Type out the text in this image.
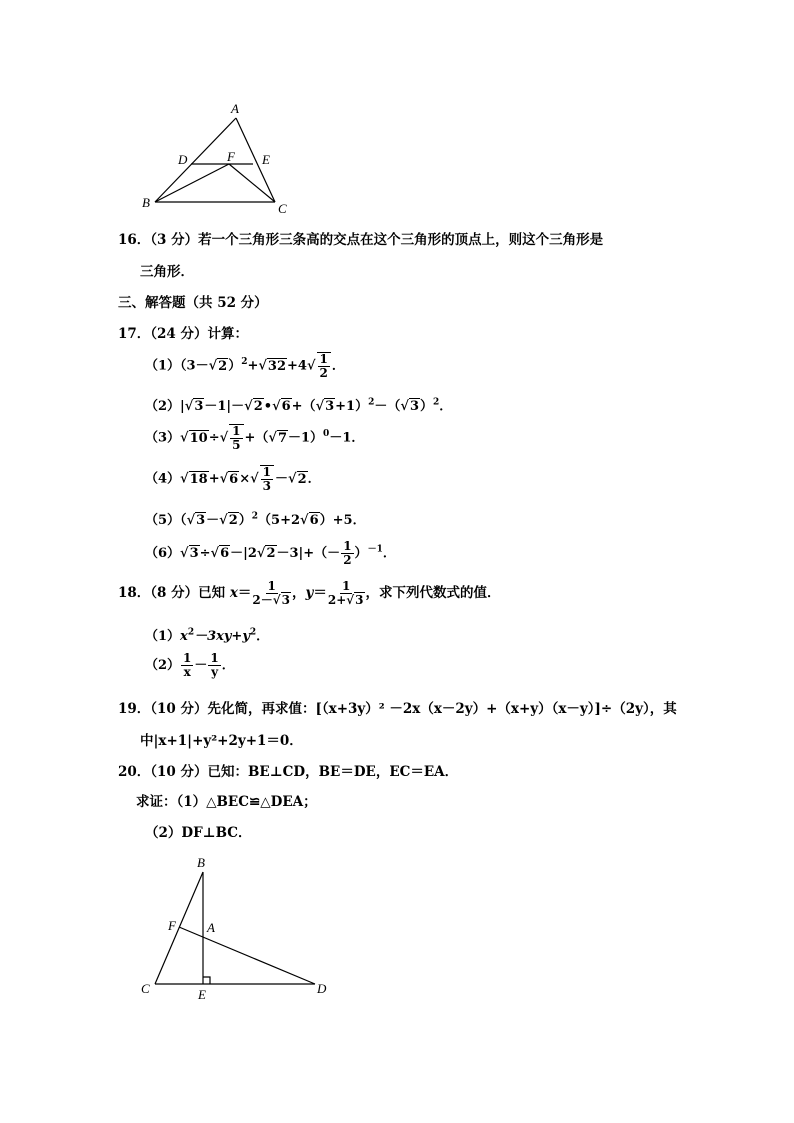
A
D	F E
B	C
16．（3 分）若一个三角形三条高的交点在这个三角形的顶点上，则这个三角形是
三角形．
三、解答题（共 52 分）
17．（24 分）计算：
$(1)(3-√2)^2+√32+4√ \frac{1}{2}$ ．
$(2)|√3-1|-√2•√6+(√3+1)^2-(√3)^2$．
$(3)√10\div√ \frac{1}{5} +(√7-1)^0-1$．
$(4)√18+√6\times√ \frac{1}{3} -√2$．
$(5)(√3-√2)^2(5+2√6)+5$．
$(6)√3\div√6-|2√2-3|+(- \frac{1}{2} )^{-1}$．
18．（8 分）已知 $x= \frac{1}{2-√3}$ ，$y= \frac{1}{2+√3}$ ，求下列代数式的值．
$(1)x^2-3xy+y^2$．
$(2) \frac{1}{x} - \frac{1}{y}$ ．
19．（10 分）先化简，再求值：[（x+3y）² －2x（x－2y）+（x+y）（x－y）]÷（2y），其
中|x+1|+y²+2y+1＝0．
20．（10 分）已知：BE⊥CD，BE＝DE，EC＝EA．
求证：（1）△BEC≌△DEA；
（2）DF⊥BC．
B
F A
C	E	D
